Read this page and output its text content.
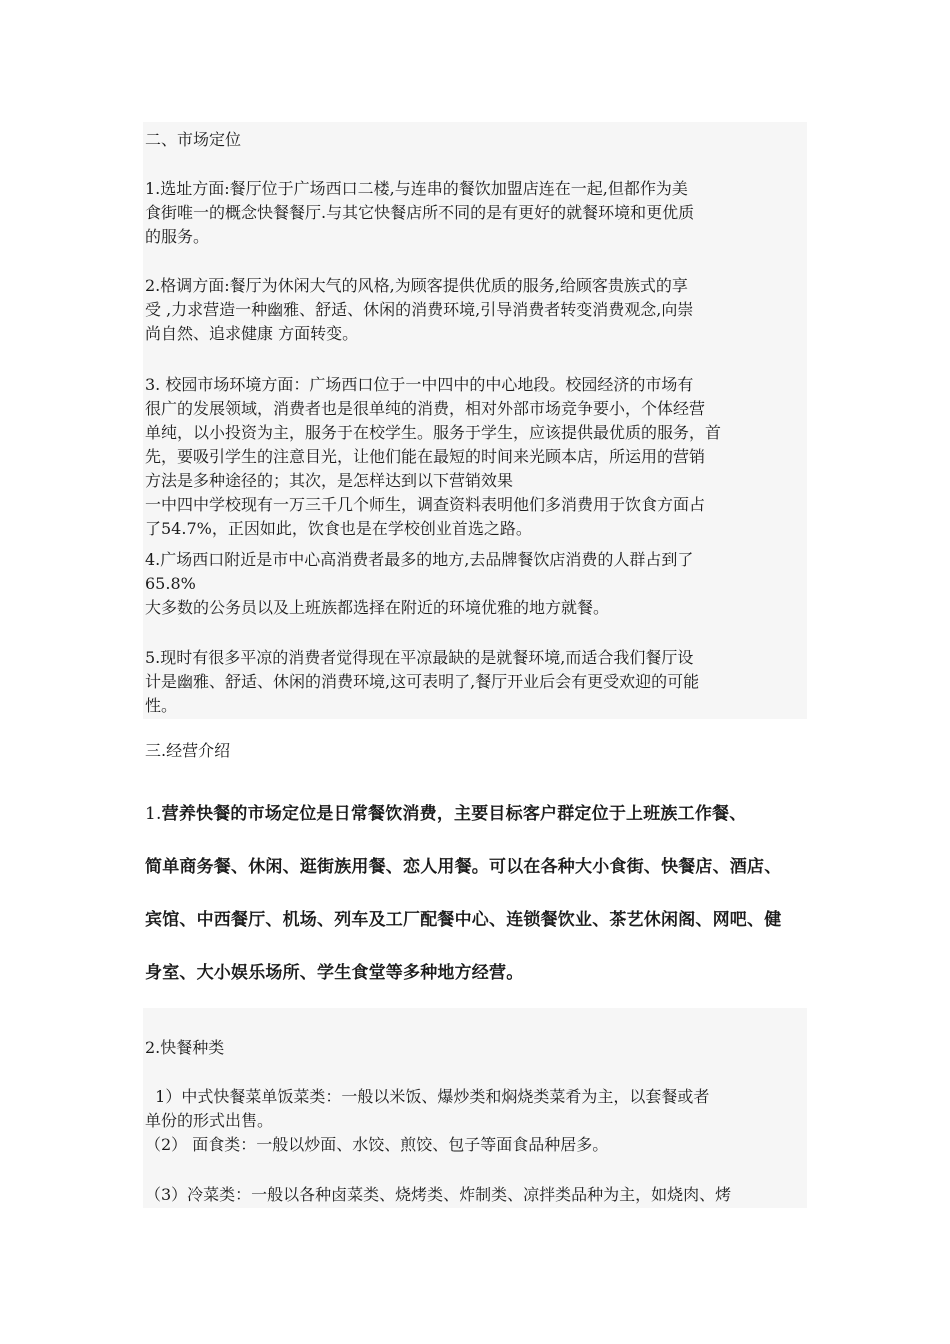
二、市场定位
1.选址方面:餐厅位于广场西口二楼,与连串的餐饮加盟店连在一起,但都作为美
食街唯一的概念快餐餐厅.与其它快餐店所不同的是有更好的就餐环境和更优质
的服务。
2.格调方面:餐厅为休闲大气的风格,为顾客提供优质的服务,给顾客贵族式的享
受 ,力求营造一种幽雅、舒适、休闲的消费环境,引导消费者转变消费观念,向崇
尚自然、追求健康 方面转变。
3. 校园市场环境方面：广场西口位于一中四中的中心地段。校园经济的市场有
很广的发展领域，消费者也是很单纯的消费，相对外部市场竞争要小，个体经营
单纯，以小投资为主，服务于在校学生。服务于学生，应该提供最优质的服务，首
先，要吸引学生的注意目光，让他们能在最短的时间来光顾本店，所运用的营销
方法是多种途径的；其次，是怎样达到以下营销效果
一中四中学校现有一万三千几个师生，调查资料表明他们多消费用于饮食方面占
了54.7%，正因如此，饮食也是在学校创业首选之路。
4.广场西口附近是市中心高消费者最多的地方,去品牌餐饮店消费的人群占到了
65.8%
大多数的公务员以及上班族都选择在附近的环境优雅的地方就餐。
5.现时有很多平凉的消费者觉得现在平凉最缺的是就餐环境,而适合我们餐厅设
计是幽雅、舒适、休闲的消费环境,这可表明了,餐厅开业后会有更受欢迎的可能
性。
三.经营介绍
1.营养快餐的市场定位是日常餐饮消费，主要目标客户群定位于上班族工作餐、
简单商务餐、休闲、逛街族用餐、恋人用餐。可以在各种大小食街、快餐店、酒店、
宾馆、中西餐厅、机场、列车及工厂配餐中心、连锁餐饮业、茶艺休闲阁、网吧、健
身室、大小娱乐场所、学生食堂等多种地方经营。
2.快餐种类
1）中式快餐菜单饭菜类：一般以米饭、爆炒类和焖烧类菜肴为主，以套餐或者
单份的形式出售。
（2） 面食类：一般以炒面、水饺、煎饺、包子等面食品种居多。
（3）冷菜类：一般以各种卤菜类、烧烤类、炸制类、凉拌类品种为主，如烧肉、烤
